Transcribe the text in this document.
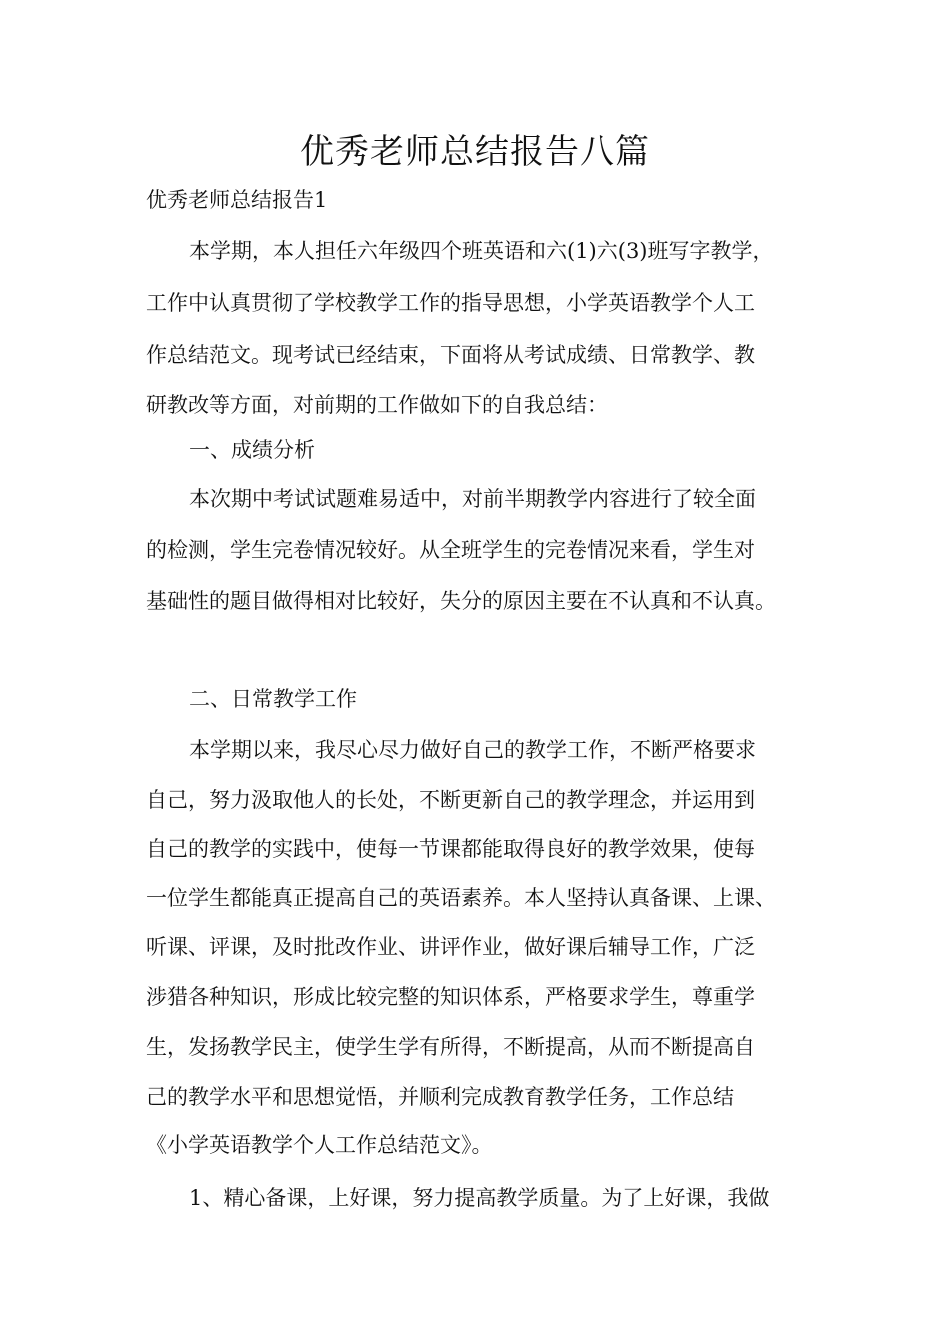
优秀老师总结报告八篇
优秀老师总结报告1
本学期，本人担任六年级四个班英语和六(1)六(3)班写字教学，
工作中认真贯彻了学校教学工作的指导思想，小学英语教学个人工
作总结范文。现考试已经结束，下面将从考试成绩、日常教学、教
研教改等方面，对前期的工作做如下的自我总结：
一、成绩分析
本次期中考试试题难易适中，对前半期教学内容进行了较全面
的检测，学生完卷情况较好。从全班学生的完卷情况来看，学生对
基础性的题目做得相对比较好，失分的原因主要在不认真和不认真。
二、日常教学工作
本学期以来，我尽心尽力做好自己的教学工作，不断严格要求
自己，努力汲取他人的长处，不断更新自己的教学理念，并运用到
自己的教学的实践中，使每一节课都能取得良好的教学效果，使每
一位学生都能真正提高自己的英语素养。本人坚持认真备课、上课、
听课、评课，及时批改作业、讲评作业，做好课后辅导工作，广泛
涉猎各种知识，形成比较完整的知识体系，严格要求学生，尊重学
生，发扬教学民主，使学生学有所得，不断提高，从而不断提高自
己的教学水平和思想觉悟，并顺利完成教育教学任务，工作总结
《小学英语教学个人工作总结范文》。
1、精心备课，上好课，努力提高教学质量。为了上好课，我做
